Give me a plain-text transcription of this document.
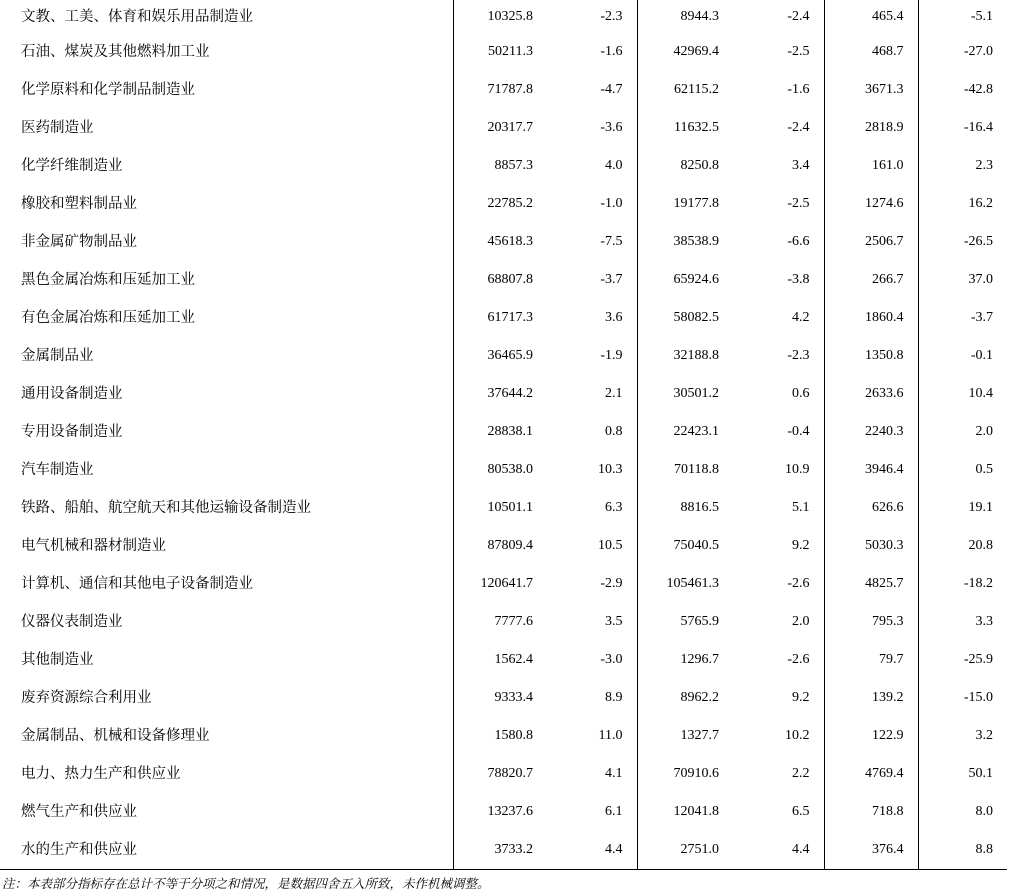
文教、工美、体育和娱乐用品制造业	10325.8	-2.3	8944.3	-2.4	465.4	-5.1
石油、煤炭及其他燃料加工业	50211.3	-1.6	42969.4	-2.5	468.7	-27.0
化学原料和化学制品制造业	71787.8	-4.7	62115.2	-1.6	3671.3	-42.8
医药制造业	20317.7	-3.6	11632.5	-2.4	2818.9	-16.4
化学纤维制造业	8857.3	4.0	8250.8	3.4	161.0	2.3
橡胶和塑料制品业	22785.2	-1.0	19177.8	-2.5	1274.6	16.2
非金属矿物制品业	45618.3	-7.5	38538.9	-6.6	2506.7	-26.5
黑色金属冶炼和压延加工业	68807.8	-3.7	65924.6	-3.8	266.7	37.0
有色金属冶炼和压延加工业	61717.3	3.6	58082.5	4.2	1860.4	-3.7
金属制品业	36465.9	-1.9	32188.8	-2.3	1350.8	-0.1
通用设备制造业	37644.2	2.1	30501.2	0.6	2633.6	10.4
专用设备制造业	28838.1	0.8	22423.1	-0.4	2240.3	2.0
汽车制造业	80538.0	10.3	70118.8	10.9	3946.4	0.5
铁路、船舶、航空航天和其他运输设备制造业	10501.1	6.3	8816.5	5.1	626.6	19.1
电气机械和器材制造业	87809.4	10.5	75040.5	9.2	5030.3	20.8
计算机、通信和其他电子设备制造业	120641.7	-2.9	105461.3	-2.6	4825.7	-18.2
仪器仪表制造业	7777.6	3.5	5765.9	2.0	795.3	3.3
其他制造业	1562.4	-3.0	1296.7	-2.6	79.7	-25.9
废弃资源综合利用业	9333.4	8.9	8962.2	9.2	139.2	-15.0
金属制品、机械和设备修理业	1580.8	11.0	1327.7	10.2	122.9	3.2
电力、热力生产和供应业	78820.7	4.1	70910.6	2.2	4769.4	50.1
燃气生产和供应业	13237.6	6.1	12041.8	6.5	718.8	8.0
水的生产和供应业	3733.2	4.4	2751.0	4.4	376.4	8.8
注：本表部分指标存在总计不等于分项之和情况，是数据四舍五入所致，未作机械调整。
